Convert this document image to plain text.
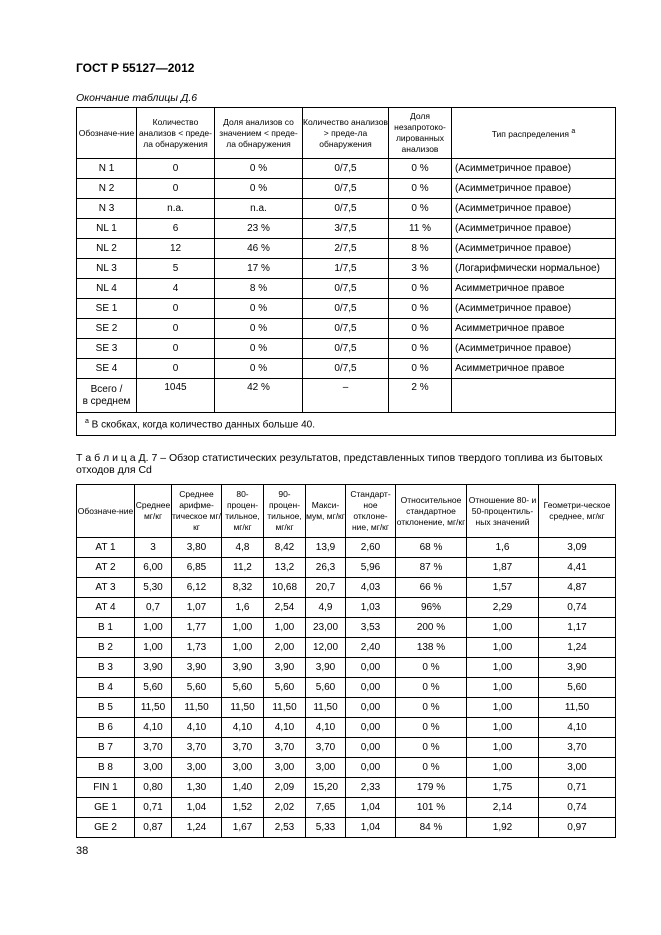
ГОСТ Р 55127—2012
Окончание таблицы Д.6
Обозначе-ние	Количество анализов < преде-ла обнаружения	Доля анализов со значением < преде-ла обнаружения	Количество анализов > преде-ла обнаружения	Доля незапротоко-лированных анализов	Тип распределения $^а$
N 1	0	0 %	0/7,5	0 %	(Асимметричное правое)
N 2	0	0 %	0/7,5	0 %	(Асимметричное правое)
N 3	n.a.	n.a.	0/7,5	0 %	(Асимметричное правое)
NL 1	6	23 %	3/7,5	11 %	(Асимметричное правое)
NL 2	12	46 %	2/7,5	8 %	(Асимметричное правое)
NL 3	5	17 %	1/7,5	3 %	(Логарифмически нормальное)
NL 4	4	8 %	0/7,5	0 %	Асимметричное правое
SE 1	0	0 %	0/7,5	0 %	(Асимметричное правое)
SE 2	0	0 %	0/7,5	0 %	Асимметричное правое
SE 3	0	0 %	0/7,5	0 %	(Асимметричное правое)
SE 4	0	0 %	0/7,5	0 %	Асимметричное правое
Всего /
в среднем	1045	42 %	–	2 %	
$^а$ В скобках, когда количество данных больше 40.					
Т а б л и ц а Д. 7 – Обзор статистических результатов, представленных типов твердого топлива из бытовых отходов для Cd
Обозначе-ние	Среднее мг/кг	Среднее арифме-тическое мг/кг	80-процен-тильное, мг/кг	90-процен-тильное, мг/кг	Макси-мум, мг/кг	Стандарт-ное отклоне-ние, мг/кг	Относительное стандартное отклонение, мг/кг	Отношение 80- и 50-процентиль-ных значений	Геометри-ческое среднее, мг/кг
AT 1	3	3,80	4,8	8,42	13,9	2,60	68 %	1,6	3,09
AT 2	6,00	6,85	11,2	13,2	26,3	5,96	87 %	1,87	4,41
AT 3	5,30	6,12	8,32	10,68	20,7	4,03	66 %	1,57	4,87
AT 4	0,7	1,07	1,6	2,54	4,9	1,03	96%	2,29	0,74
B 1	1,00	1,77	1,00	1,00	23,00	3,53	200 %	1,00	1,17
B 2	1,00	1,73	1,00	2,00	12,00	2,40	138 %	1,00	1,24
B 3	3,90	3,90	3,90	3,90	3,90	0,00	0 %	1,00	3,90
B 4	5,60	5,60	5,60	5,60	5,60	0,00	0 %	1,00	5,60
B 5	11,50	11,50	11,50	11,50	11,50	0,00	0 %	1,00	11,50
B 6	4,10	4,10	4,10	4,10	4,10	0,00	0 %	1,00	4,10
B 7	3,70	3,70	3,70	3,70	3,70	0,00	0 %	1,00	3,70
B 8	3,00	3,00	3,00	3,00	3,00	0,00	0 %	1,00	3,00
FIN 1	0,80	1,30	1,40	2,09	15,20	2,33	179 %	1,75	0,71
GE 1	0,71	1,04	1,52	2,02	7,65	1,04	101 %	2,14	0,74
GE 2	0,87	1,24	1,67	2,53	5,33	1,04	84 %	1,92	0,97
38
